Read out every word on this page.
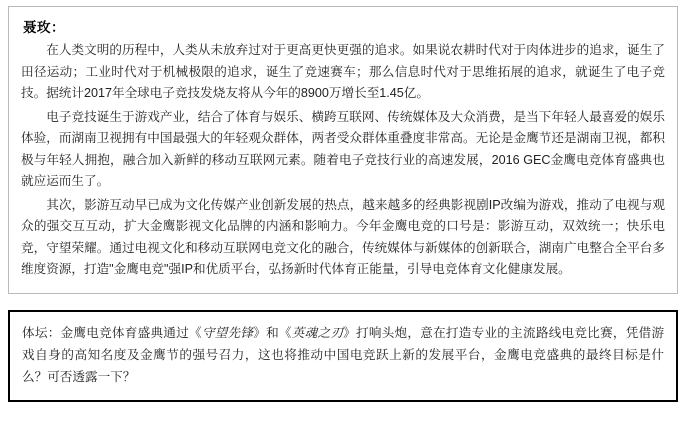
聂玫：

在人类文明的历程中，人类从未放弃过对于更高更快更强的追求。如果说农耕时代对于肉体进步的追求，诞生了田径运动；工业时代对于机械极限的追求，诞生了竞速赛车；那么信息时代对于思维拓展的追求，就诞生了电子竞技。据统计2017年全球电子竞技发烧友将从今年的8900万增长至1.45亿。

电子竞技诞生于游戏产业，结合了体育与娱乐、横跨互联网、传统媒体及大众消费，是当下年轻人最喜爱的娱乐体验，而湖南卫视拥有中国最强大的年轻观众群体，两者受众群体重叠度非常高。无论是金鹰节还是湖南卫视，都积极与年轻人拥抱，融合加入新鲜的移动互联网元素。随着电子竞技行业的高速发展，2016 GEC金鹰电竞体育盛典也就应运而生了。

其次，影游互动早已成为文化传媒产业创新发展的热点，越来越多的经典影视剧IP改编为游戏，推动了电视与观众的强交互互动，扩大金鹰影视文化品牌的内涵和影响力。今年金鹰电竞的口号是：影游互动，双效统一；快乐电竞，守望荣耀。通过电视文化和移动互联网电竞文化的融合，传统媒体与新媒体的创新联合，湖南广电整合全平台多维度资源，打造"金鹰电竞"强IP和优质平台，弘扬新时代体育正能量，引导电竞体育文化健康发展。

体坛：金鹰电竞体育盛典通过《守望先锋》和《英魂之刃》打响头炮，意在打造专业的主流路线电竞比赛，凭借游戏自身的高知名度及金鹰节的强号召力，这也将推动中国电竞跃上新的发展平台，金鹰电竞盛典的最终目标是什么？可否透露一下？
